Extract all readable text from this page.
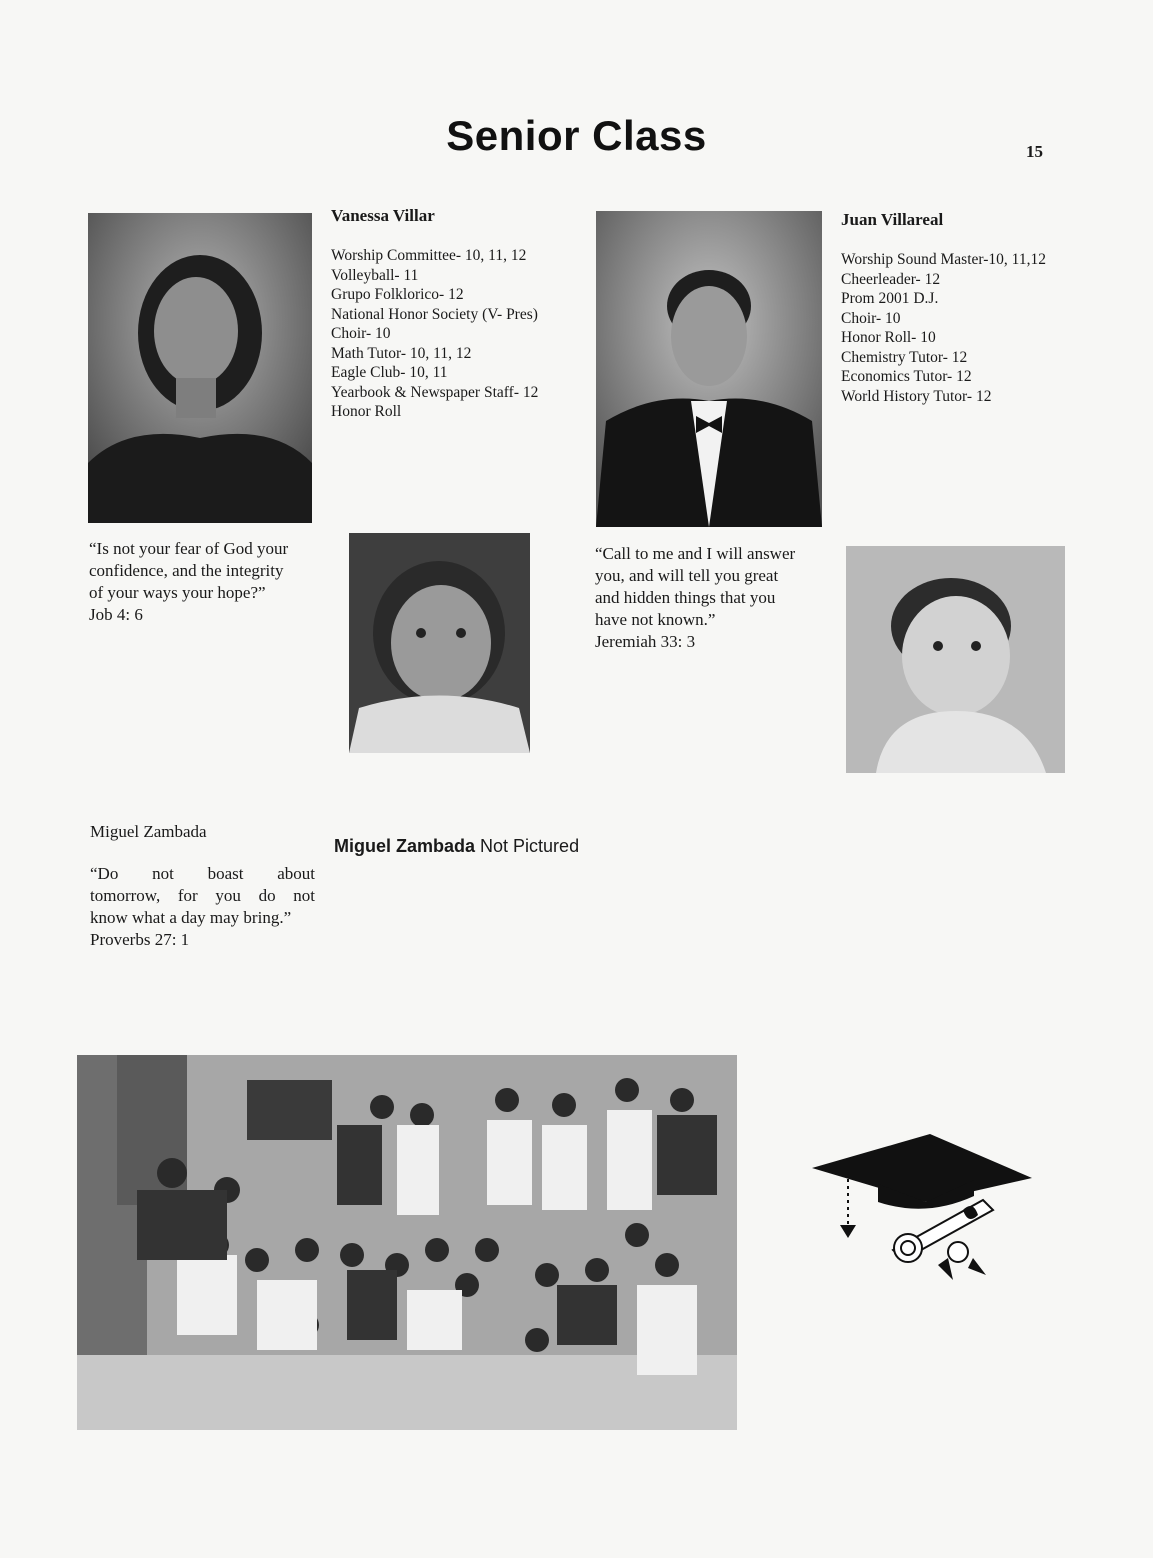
Senior Class	15
Vanessa Villar
Worship Committee- 10, 11, 12
Volleyball- 11
Grupo Folklorico- 12
National Honor Society (V- Pres)
Choir- 10
Math Tutor- 10, 11, 12
Eagle Club- 10, 11
Yearbook & Newspaper Staff- 12
Honor Roll
“Is not your fear of God your
confidence, and the integrity
of your ways your hope?”
Job 4: 6
Juan Villareal
Worship Sound Master-10, 11,12
Cheerleader- 12
Prom 2001 D.J.
Choir- 10
Honor Roll- 10
Chemistry Tutor- 12
Economics Tutor- 12
World History Tutor- 12
“Call to me and I will answer
you, and will tell you great
and hidden things that you
have not known.”
Jeremiah 33: 3
Miguel Zambada
“Do not boast about
tomorrow, for you do not
know what a day may bring.”
Proverbs 27: 1
Miguel Zambada Not Pictured
